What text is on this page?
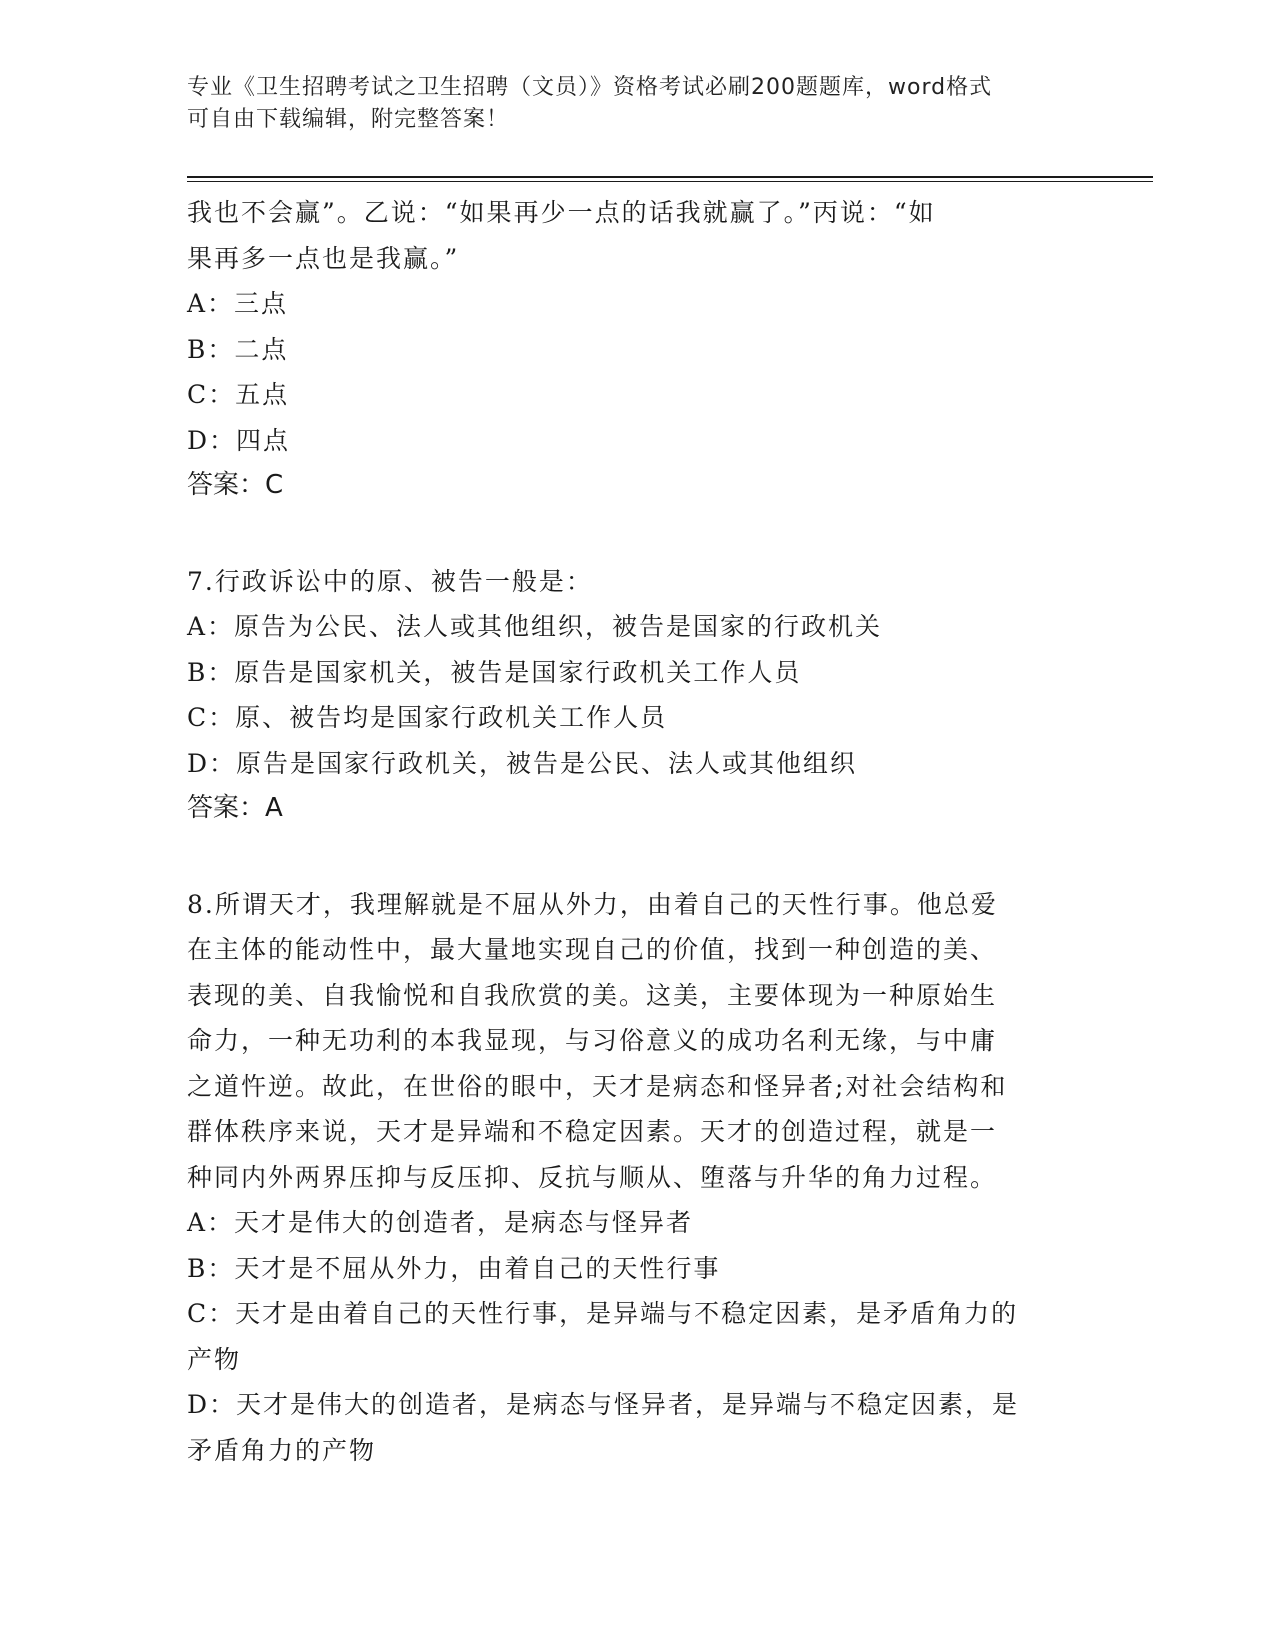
专业《卫生招聘考试之卫生招聘（文员）》资格考试必刷200题题库，word格式
可自由下载编辑，附完整答案！
我也不会赢”。乙说：“如果再少一点的话我就赢了。”丙说：“如
果再多一点也是我赢。”
A：三点
B：二点
C：五点
D：四点
答案：C
7.行政诉讼中的原、被告一般是：
A：原告为公民、法人或其他组织，被告是国家的行政机关
B：原告是国家机关，被告是国家行政机关工作人员
C：原、被告均是国家行政机关工作人员
D：原告是国家行政机关，被告是公民、法人或其他组织
答案：A
8.所谓天才，我理解就是不屈从外力，由着自己的天性行事。他总爱
在主体的能动性中，最大量地实现自己的价值，找到一种创造的美、
表现的美、自我愉悦和自我欣赏的美。这美，主要体现为一种原始生
命力，一种无功利的本我显现，与习俗意义的成功名利无缘，与中庸
之道忤逆。故此，在世俗的眼中，天才是病态和怪异者;对社会结构和
群体秩序来说，天才是异端和不稳定因素。天才的创造过程，就是一
种同内外两界压抑与反压抑、反抗与顺从、堕落与升华的角力过程。
A：天才是伟大的创造者，是病态与怪异者
B：天才是不屈从外力，由着自己的天性行事
C：天才是由着自己的天性行事，是异端与不稳定因素，是矛盾角力的
产物
D：天才是伟大的创造者，是病态与怪异者，是异端与不稳定因素，是
矛盾角力的产物
